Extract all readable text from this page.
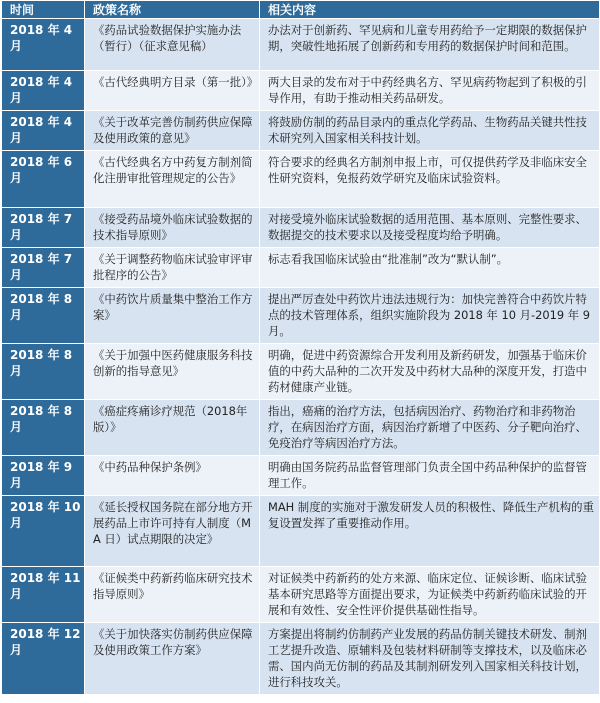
时间	政策名称	相关内容
2018 年 4 月	《药品试验数据保护实施办法（暂行）（征求意见稿）	办法对于创新药、罕见病和儿童专用药给予一定期限的数据保护期，突破性地拓展了创新药和专用药的数据保护时间和范围。
2018 年 4 月	《古代经典明方目录（第一批）》	两大目录的发布对于中药经典名方、罕见病药物起到了积极的引导作用，有助于推动相关药品研发。
2018 年 4 月	《关于改革完善仿制药供应保障及使用政策的意见》	将鼓励仿制的药品目录内的重点化学药品、生物药品关键共性技术研究列入国家相关科技计划。
2018 年 6 月	《古代经典名方中药复方制剂简化注册审批管理规定的公告》	符合要求的经典名方制剂申报上市，可仅提供药学及非临床安全性研究资料，免报药效学研究及临床试验资料。
2018 年 7 月	《接受药品境外临床试验数据的技术指导原则》	对接受境外临床试验数据的适用范围、基本原则、完整性要求、数据提交的技术要求以及接受程度均给予明确。
2018 年 7 月	《关于调整药物临床试验审评审批程序的公告》	标志看我国临床试验由“批准制”改为“默认制”。
2018 年 8 月	《中药饮片质量集中整治工作方案》	提出严厉查处中药饮片违法违规行为：加快完善符合中药饮片特点的技术管理体系，组织实施阶段为 2018 年 10 月-2019 年 9 月。
2018 年 8 月	《关于加强中医药健康服务科技创新的指导意见》	明确，促进中药资源综合开发利用及新药研发，加强基于临床价值的中药大品种的二次开发及中药材大品种的深度开发，打造中药材健康产业链。
2018 年 8 月	《癌症疼痛诊疗规范（2018年版）》	指出，癌痛的治疗方法，包括病因治疗、药物治疗和非药物治疗，在病因治疗方面，病因治疗新增了中医药、分子靶向治疗、免疫治疗等病因治疗方法。
2018 年 9 月	《中药品种保护条例》	明确由国务院药品监督管理部门负责全国中药品种保护的监督管理工作。
2018 年 10 月	《延长授权国务院在部分地方开展药品上市许可持有人制度（MA 日）试点期限的决定》	MAH 制度的实施对于激发研发人员的积极性、降低生产机构的重复设置发挥了重要推动作用。
2018 年 11 月	《证候类中药新药临床研究技术指导原则》	对证候类中药新药的处方来源、临床定位、证候诊断、临床试验基本研究思路等方面提出要求，为证候类中药新药临床试验的开展和有效性、安全性评价提供基础性指导。
2018 年 12 月	《关于加快落实仿制药供应保障及使用政策工作方案》	方案提出将制约仿制药产业发展的药品仿制关键技术研发、制剂工艺提升改造、原辅料及包装材料研制等支撑技术，以及临床必需、国内尚无仿制的药品及其制剂研发列入国家相关科技计划，进行科技攻关。
